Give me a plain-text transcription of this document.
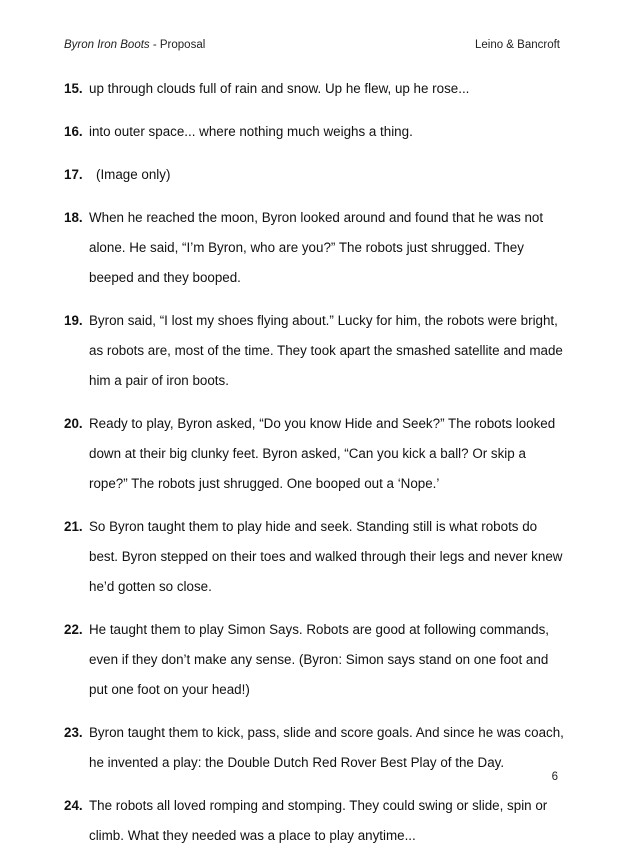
Byron Iron Boots - Proposal	Leino & Bancroft
15. up through clouds full of rain and snow. Up he flew, up he rose...
16. into outer space... where nothing much weighs a thing.
17. (Image only)
18. When he reached the moon, Byron looked around and found that he was not alone. He said, “I’m Byron, who are you?” The robots just shrugged. They beeped and they booped.
19. Byron said, “I lost my shoes flying about.” Lucky for him, the robots were bright, as robots are, most of the time. They took apart the smashed satellite and made him a pair of iron boots.
20. Ready to play, Byron asked, “Do you know Hide and Seek?” The robots looked down at their big clunky feet. Byron asked, “Can you kick a ball? Or skip a rope?” The robots just shrugged. One booped out a ‘Nope.’
21. So Byron taught them to play hide and seek. Standing still is what robots do best. Byron stepped on their toes and walked through their legs and never knew he’d gotten so close.
22. He taught them to play Simon Says. Robots are good at following commands, even if they don’t make any sense. (Byron: Simon says stand on one foot and put one foot on your head!)
23. Byron taught them to kick, pass, slide and score goals. And since he was coach, he invented a play: the Double Dutch Red Rover Best Play of the Day.
24. The robots all loved romping and stomping. They could swing or slide, spin or climb. What they needed was a place to play anytime...
6
